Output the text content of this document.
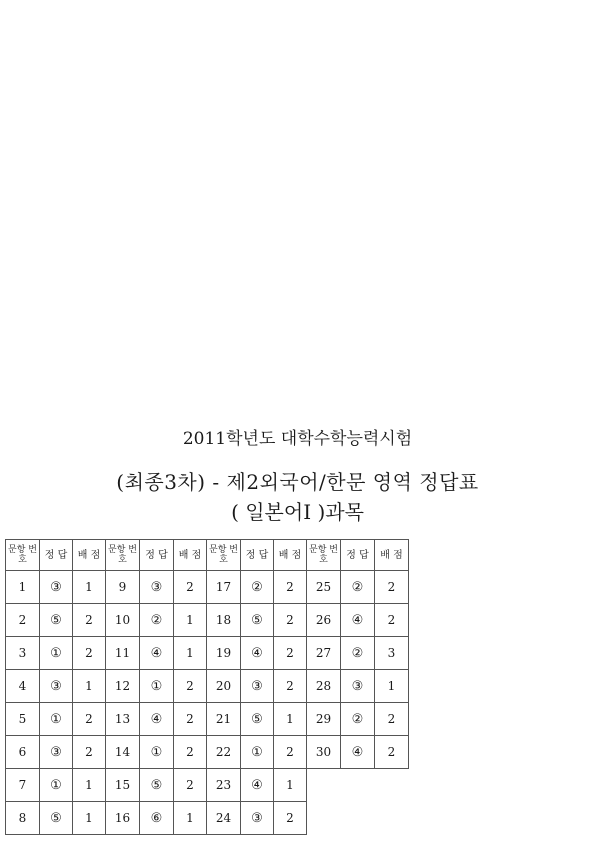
2011학년도 대학수학능력시험
(최종3차) - 제2외국어/한문 영역 정답표
( 일본어Ⅰ )과목
문항 번호	정 답	배 점	문항 번호	정 답	배 점	문항 번호	정 답	배 점	문항 번호	정 답	배 점
1	③	1	9	③	2	17	②	2	25	②	2
2	⑤	2	10	②	1	18	⑤	2	26	④	2
3	①	2	11	④	1	19	④	2	27	②	3
4	③	1	12	①	2	20	③	2	28	③	1
5	①	2	13	④	2	21	⑤	1	29	②	2
6	③	2	14	①	2	22	①	2	30	④	2
7	①	1	15	⑤	2	23	④	1			
8	⑤	1	16	⑥	1	24	③	2			
